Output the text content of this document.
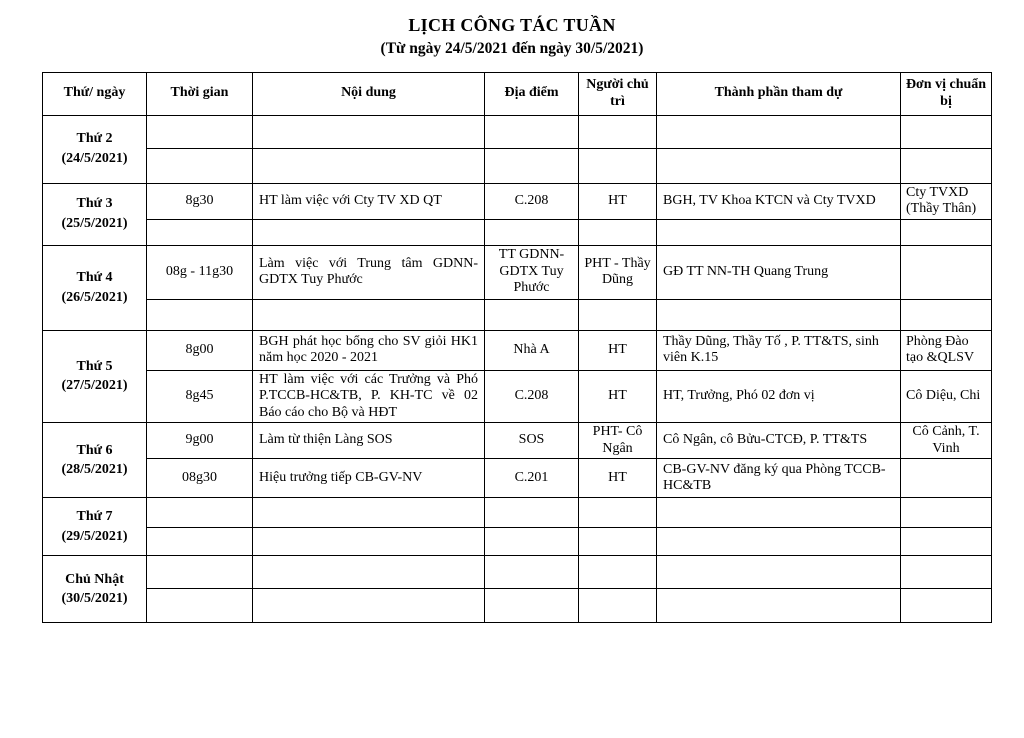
LỊCH CÔNG TÁC TUẦN
(Từ ngày 24/5/2021 đến ngày 30/5/2021)
Thứ/ ngày	Thời gian	Nội dung	Địa điểm	Người chủ trì	Thành phần tham dự	Đơn vị chuẩn bị

Thứ 2
(24/5/2021)						

Thứ 3
(25/5/2021)	8g30	HT làm việc với Cty TV XD QT	C.208	HT	BGH, TV Khoa KTCN và Cty TVXD	Cty TVXD (Thầy Thân)

Thứ 4
(26/5/2021)	08g - 11g30	Làm việc với Trung tâm GDNN-GDTX Tuy Phước	TT GDNN-GDTX Tuy Phước	PHT - Thầy Dũng	GĐ TT NN-TH Quang Trung	

Thứ 5
(27/5/2021)	8g00	BGH phát học bổng cho SV giỏi HK1 năm học 2020 - 2021	Nhà A	HT	Thầy Dũng, Thầy Tố , P. TT&TS, sinh viên K.15	Phòng Đào tạo &QLSV
	8g45	HT làm việc với các Trưởng và Phó P.TCCB-HC&TB, P. KH-TC về 02 Báo cáo cho Bộ và HĐT	C.208	HT	HT, Trưởng, Phó 02 đơn vị	Cô Diệu, Chi

Thứ 6
(28/5/2021)	9g00	Làm từ thiện Làng SOS	SOS	PHT- Cô Ngân	Cô Ngân, cô Bửu-CTCĐ, P. TT&TS	Cô Cảnh, T. Vinh
	08g30	Hiệu trưởng tiếp CB-GV-NV	C.201	HT	CB-GV-NV đăng ký qua Phòng TCCB-HC&TB	

Thứ 7
(29/5/2021)						

Chủ Nhật
(30/5/2021)						
